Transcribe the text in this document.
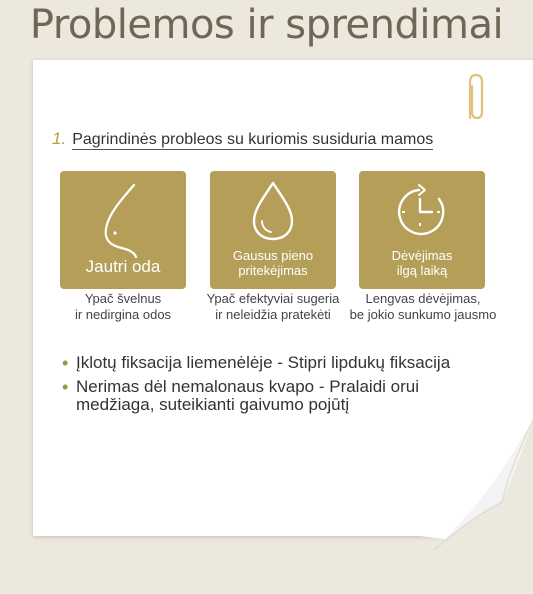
Problemos ir sprendimai
1. Pagrindinės probleos su kuriomis susiduria mamos
Jautri oda
Gausus pieno
pritekėjimas
Dėvėjimas
ilgą laiką
Ypač švelnus
ir nedirgina odos
Ypač efektyviai sugeria
ir neleidžia pratekėti
Lengvas dėvėjimas,
be jokio sunkumo jausmo
• Įklotų fiksacija liemenėlėje - Stipri lipdukų fiksacija
• Nerimas dėl nemalonaus kvapo - Pralaidi orui
medžiaga, suteikianti gaivumo pojūtį
